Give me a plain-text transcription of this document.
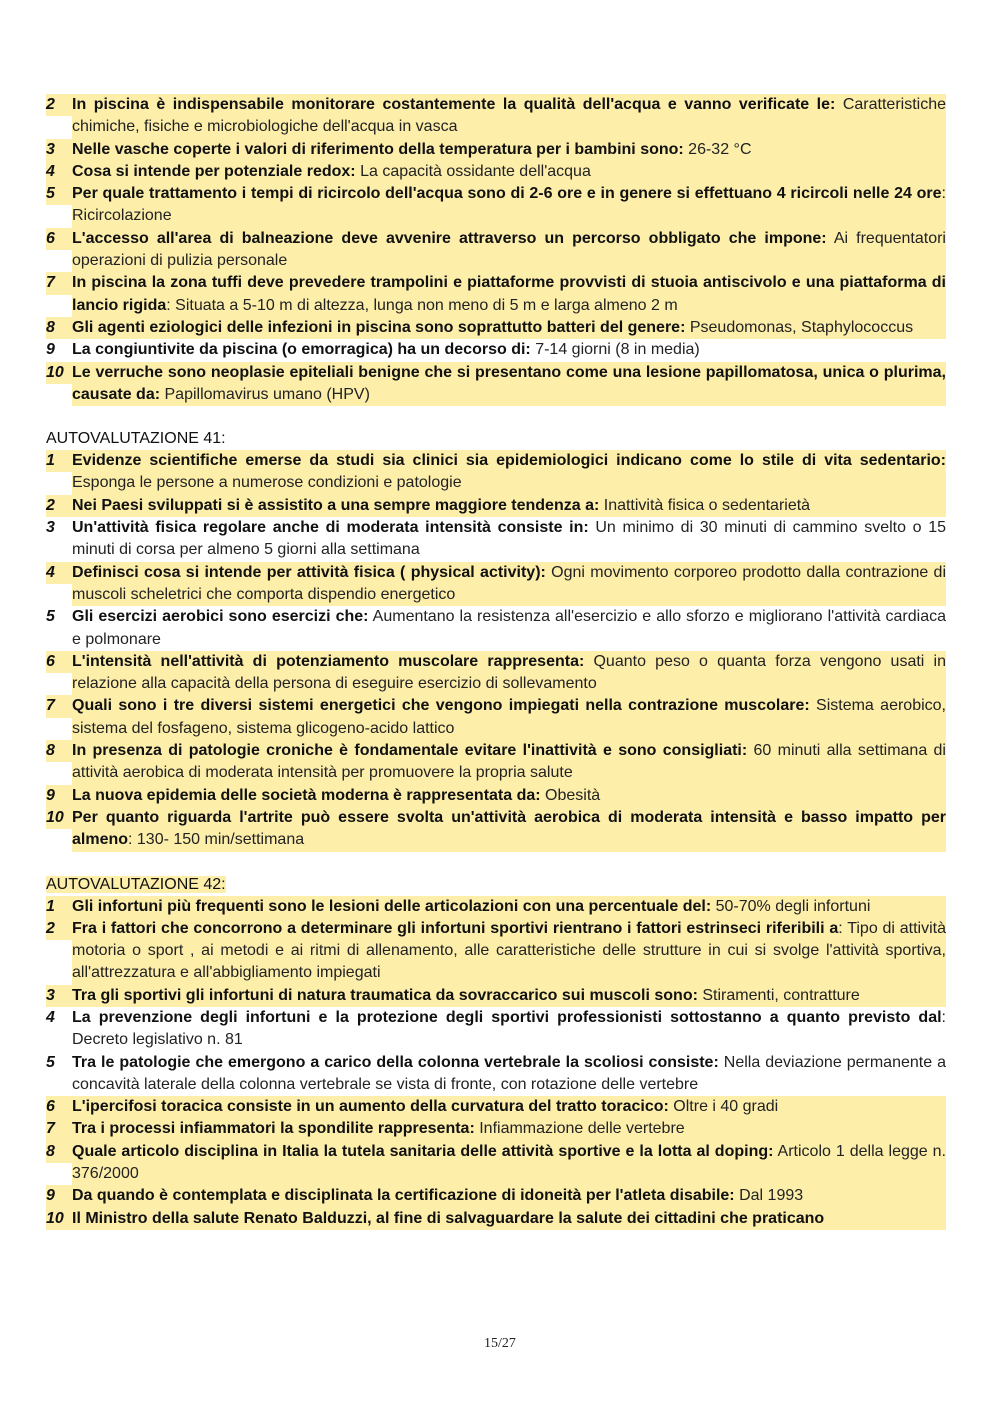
2	In piscina è indispensabile monitorare costantemente la qualità dell'acqua e vanno verificate le: Caratteristiche chimiche, fisiche e microbiologiche dell'acqua in vasca
3	Nelle vasche coperte i valori di riferimento della temperatura per i bambini sono: 26-32 °C
4	Cosa si intende per potenziale redox: La capacità ossidante dell'acqua
5	Per quale trattamento i tempi di ricircolo dell'acqua sono di 2-6 ore e in genere si effettuano 4 ricircoli nelle 24 ore: Ricircolazione
6	L'accesso all'area di balneazione deve avvenire attraverso un percorso obbligato che impone: Ai frequentatori operazioni di pulizia personale
7	In piscina la zona tuffi deve prevedere trampolini e piattaforme provvisti di stuoia antiscivolo e una piattaforma di lancio rigida: Situata a 5-10 m di altezza, lunga non meno di 5 m e larga almeno 2 m
8	Gli agenti eziologici delle infezioni in piscina sono soprattutto batteri del genere: Pseudomonas, Staphylococcus
9	La congiuntivite da piscina (o emorragica) ha un decorso di: 7-14 giorni (8 in media)
10 Le verruche sono neoplasie epiteliali benigne che si presentano come una lesione papillomatosa, unica o plurima, causate da: Papillomavirus umano (HPV)
AUTOVALUTAZIONE 41:
1	Evidenze scientifiche emerse da studi sia clinici sia epidemiologici indicano come lo stile di vita sedentario: Esponga le persone a numerose condizioni e patologie
2	Nei Paesi sviluppati si è assistito a una sempre maggiore tendenza a: Inattività fisica o sedentarietà
3	Un'attività fisica regolare anche di moderata intensità consiste in: Un minimo di 30 minuti di cammino svelto o 15 minuti di corsa per almeno 5 giorni alla settimana
4	Definisci cosa si intende per attività fisica ( physical activity): Ogni movimento corporeo prodotto dalla contrazione di muscoli scheletrici che comporta dispendio energetico
5	Gli esercizi aerobici sono esercizi che: Aumentano la resistenza all'esercizio e allo sforzo e migliorano l'attività cardiaca e polmonare
6	L'intensità nell'attività di potenziamento muscolare rappresenta: Quanto peso o quanta forza vengono usati in relazione alla capacità della persona di eseguire esercizio di sollevamento
7	Quali sono i tre diversi sistemi energetici che vengono impiegati nella contrazione muscolare: Sistema aerobico, sistema del fosfageno, sistema glicogeno-acido lattico
8	In presenza di patologie croniche è fondamentale evitare l'inattività e sono consigliati: 60 minuti alla settimana di attività aerobica di moderata intensità per promuovere la propria salute
9	La nuova epidemia delle società moderna è rappresentata da: Obesità
10 Per quanto riguarda l'artrite può essere svolta un'attività aerobica di moderata intensità e basso impatto per almeno: 130- 150 min/settimana
AUTOVALUTAZIONE 42:
1	Gli infortuni più frequenti sono le lesioni delle articolazioni con una percentuale del: 50-70% degli infortuni
2	Fra i fattori che concorrono a determinare gli infortuni sportivi rientrano i fattori estrinseci riferibili a: Tipo di attività motoria o sport , ai metodi e ai ritmi di allenamento, alle caratteristiche delle strutture in cui si svolge l'attività sportiva, all'attrezzatura e all'abbigliamento impiegati
3	Tra gli sportivi gli infortuni di natura traumatica da sovraccarico sui muscoli sono: Stiramenti, contratture
4	La prevenzione degli infortuni e la protezione degli sportivi professionisti sottostanno a quanto previsto dal: Decreto legislativo n. 81
5	Tra le patologie che emergono a carico della colonna vertebrale la scoliosi consiste: Nella deviazione permanente a concavità laterale della colonna vertebrale se vista di fronte, con rotazione delle vertebre
6	L'ipercifosi toracica consiste in un aumento della curvatura del tratto toracico: Oltre i 40 gradi
7	Tra i processi infiammatori la spondilite rappresenta: Infiammazione delle vertebre
8	Quale articolo disciplina in Italia la tutela sanitaria delle attività sportive e la lotta al doping: Articolo 1 della legge n. 376/2000
9	Da quando è contemplata e disciplinata la certificazione di idoneità per l'atleta disabile: Dal 1993
10 Il Ministro della salute Renato Balduzzi, al fine di salvaguardare la salute dei cittadini che praticano
15/27
